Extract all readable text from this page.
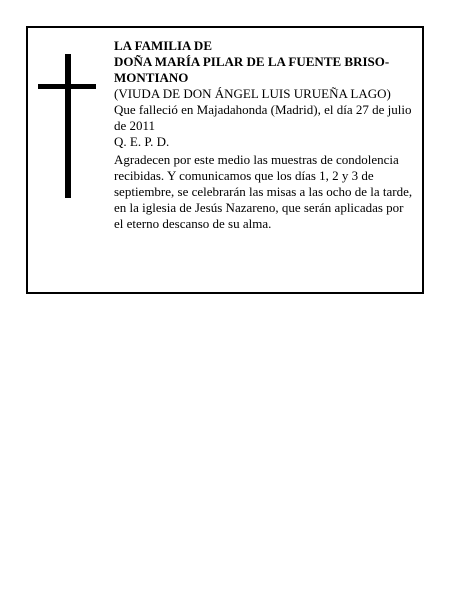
LA FAMILIA DE
DOÑA MARÍA PILAR DE LA FUENTE BRISO-MONTIANO
(VIUDA DE DON ÁNGEL LUIS URUEÑA LAGO)
Que falleció en Majadahonda (Madrid), el día 27 de julio de 2011
Q. E. P. D.
Agradecen por este medio las muestras de condolencia recibidas. Y comunicamos que los días 1, 2 y 3 de septiembre, se celebrarán las misas a las ocho de la tarde, en la iglesia de Jesús Nazareno, que serán aplicadas por el eterno descanso de su alma.
